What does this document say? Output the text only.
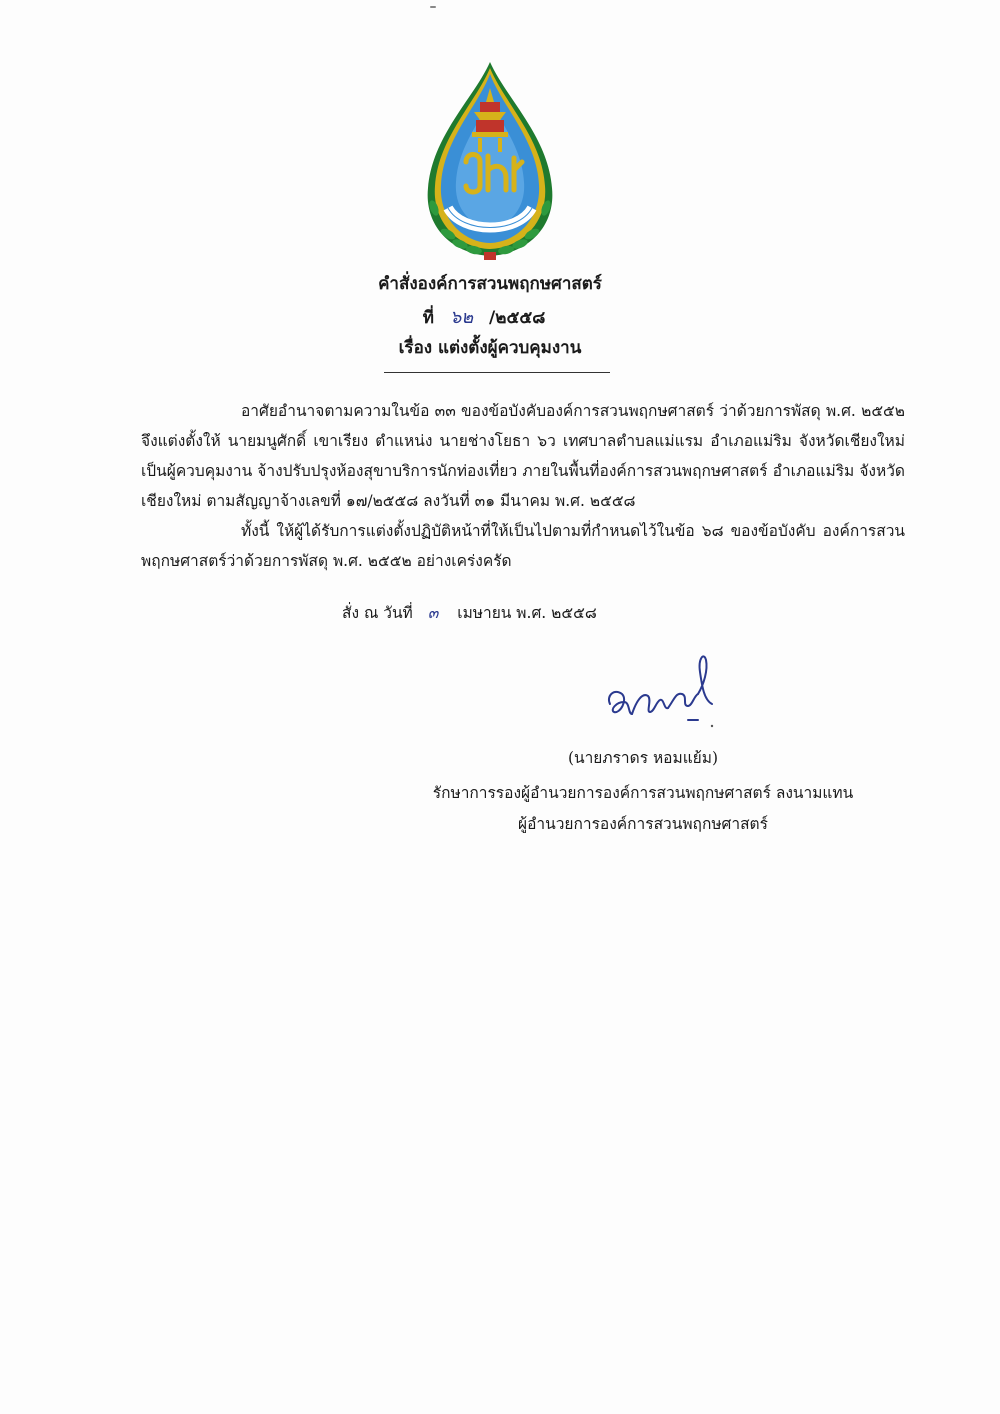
คำสั่งองค์การสวนพฤกษศาสตร์
ที่ ๖๒ /๒๕๕๘
เรื่อง แต่งตั้งผู้ควบคุมงาน
อาศัยอำนาจตามความในข้อ ๓๓ ของข้อบังคับองค์การสวนพฤกษศาสตร์ ว่าด้วยการพัสดุ พ.ศ. ๒๕๕๒ จึงแต่งตั้งให้ นายมนูศักดิ์ เขาเรียง ตำแหน่ง นายช่างโยธา ๖ว เทศบาลตำบลแม่แรม อำเภอแม่ริม จังหวัดเชียงใหม่ เป็นผู้ควบคุมงาน จ้างปรับปรุงห้องสุขาบริการนักท่องเที่ยว ภายในพื้นที่องค์การสวนพฤกษศาสตร์ อำเภอแม่ริม จังหวัดเชียงใหม่ ตามสัญญาจ้างเลขที่ ๑๗/๒๕๕๘ ลงวันที่ ๓๑ มีนาคม พ.ศ. ๒๕๕๘
ทั้งนี้ ให้ผู้ได้รับการแต่งตั้งปฏิบัติหน้าที่ให้เป็นไปตามที่กำหนดไว้ในข้อ ๖๘ ของข้อบังคับ องค์การสวนพฤกษศาสตร์ว่าด้วยการพัสดุ พ.ศ. ๒๕๕๒ อย่างเคร่งครัด
สั่ง ณ วันที่ ๓ เมษายน พ.ศ. ๒๕๕๘
(นายภราดร หอมแย้ม)
รักษาการรองผู้อำนวยการองค์การสวนพฤกษศาสตร์ ลงนามแทน
ผู้อำนวยการองค์การสวนพฤกษศาสตร์
